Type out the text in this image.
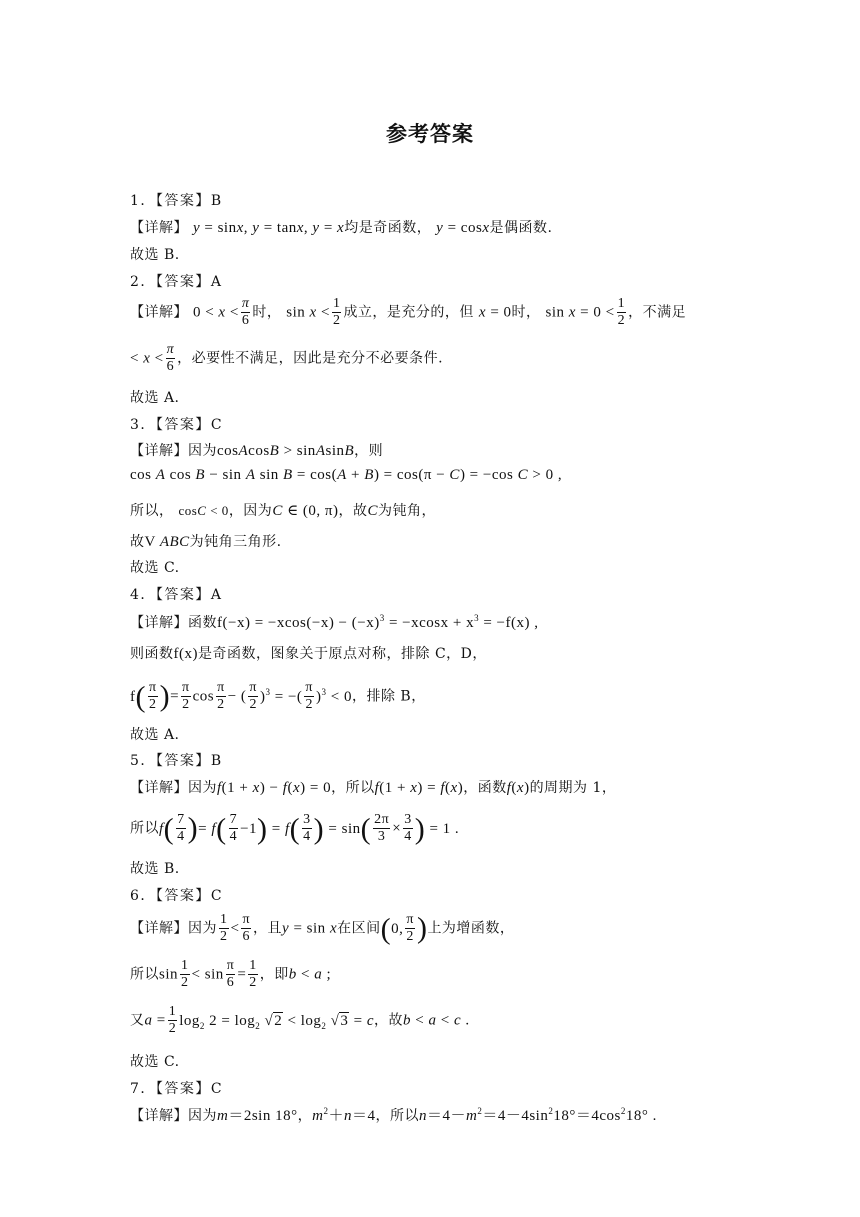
参考答案
1．【答案】B
【详解】 y = sinx, y = tanx, y = x均是奇函数， y = cosx是偶函数.
故选 B.
2．【答案】A
【详解】 $0 < x < \frac{\pi}{6}$ 时， $\sin x < \frac{1}{2}$ 成立，是充分的，但 x = 0时， $\sin x = 0 < \frac{1}{2}$ ，不满足
< $x < \frac{\pi}{6}$ ，必要性不满足，因此是充分不必要条件.
故选 A.
3．【答案】C
【详解】因为cosAcosB > sinAsinB，则
cos A cos B − sin A sin B = cos(A + B) = cos(π − C) = −cos C > 0 ,
所以， cosC < 0，因为C ∈ (0, π)，故C为钝角，
故V ABC为钝角三角形.
故选 C.
4．【答案】A
【详解】函数$f(-x) = -xcos(-x) - (-x)^3 = -xcosx + x^3 = -f(x)$ ,
则函数f(x)是奇函数，图象关于原点对称，排除 C，D，
$f( \frac{\pi}{2}$ )= $\frac{\pi}{2}$ $\cos \frac{\pi}{2}$ − ( $\frac{\pi}{2} )^3$ = −( $\frac{\pi}{2} )^3 < 0$，排除 B，
故选 A.
5．【答案】B
【详解】因为f(1 + x) − f(x) = 0，所以f(1 + x) = f(x)，函数f(x)的周期为 1，
所以$f( \frac{7}{4}$ )= $f( \frac{7}{4} -1) = f( \frac{3}{4}$ ) = $\sin( \frac{2\pi}{3} \times \frac{3}{4}$ ) = 1 .
故选 B.
6．【答案】C
【详解】因为 $\frac{1}{2} < \frac{\pi}{6}$ ，且y = sin x在区间(0, $\frac{\pi}{2}$ )上为增函数，
所以$\sin \frac{1}{2} < \sin \frac{\pi}{6} = \frac{1}{2}$ ，即b < a ;
又$a = \frac{1}{2} \log_2 2 = \log_2 √2 < \log_2 √3 = c$，故b < a < c .
故选 C.
7．【答案】C
【详解】因为m＝2sin 18°，$m^2+n=4$，所以$n=4-m^2=4-4\sin^218^\circ=4\cos^218^\circ$ .
